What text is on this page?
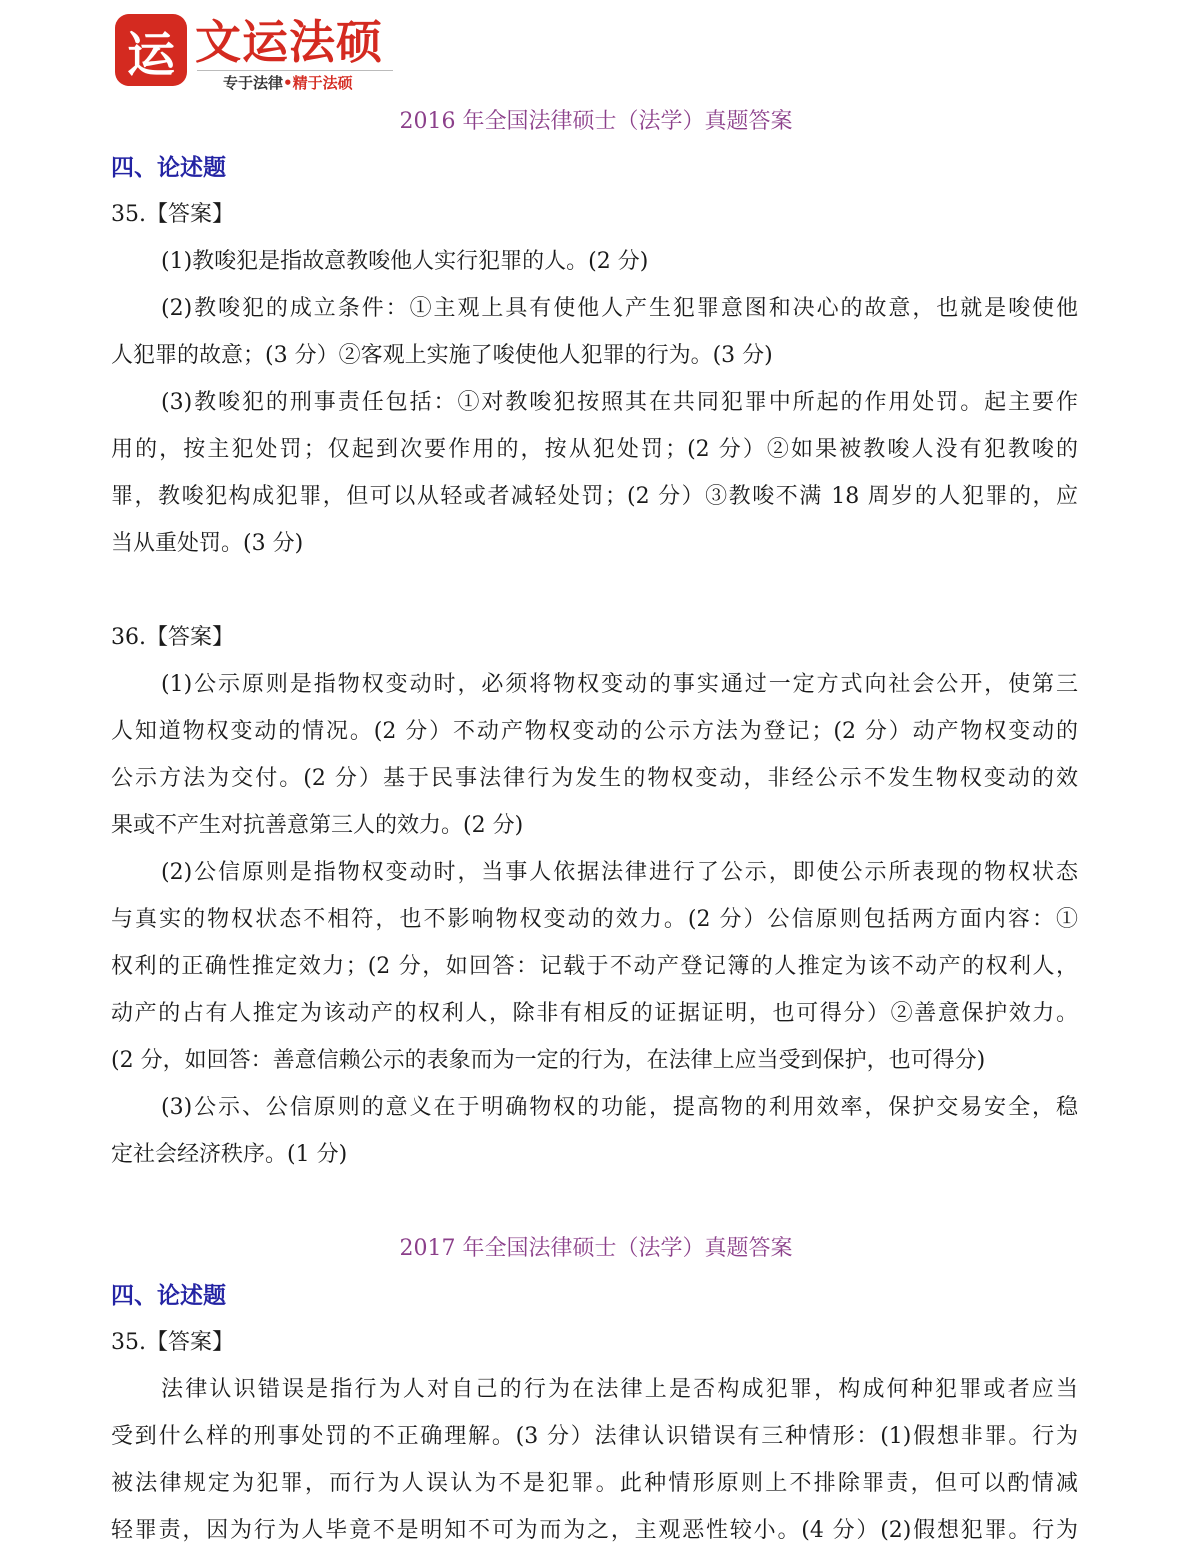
运 文运法硕
专于法律•精于法硕
2016 年全国法律硕士（法学）真题答案
四、论述题
35.【答案】
(1)教唆犯是指故意教唆他人实行犯罪的人。(2 分)
(2)教唆犯的成立条件：①主观上具有使他人产生犯罪意图和决心的故意，也就是唆使他
人犯罪的故意；(3 分）②客观上实施了唆使他人犯罪的行为。(3 分)
(3)教唆犯的刑事责任包括：①对教唆犯按照其在共同犯罪中所起的作用处罚。起主要作
用的，按主犯处罚；仅起到次要作用的，按从犯处罚；(2 分）②如果被教唆人没有犯教唆的
罪，教唆犯构成犯罪，但可以从轻或者减轻处罚；(2 分）③教唆不满 18 周岁的人犯罪的，应
当从重处罚。(3 分)
36.【答案】
(1)公示原则是指物权变动时，必须将物权变动的事实通过一定方式向社会公开，使第三
人知道物权变动的情况。(2 分）不动产物权变动的公示方法为登记；(2 分）动产物权变动的
公示方法为交付。(2 分）基于民事法律行为发生的物权变动，非经公示不发生物权变动的效
果或不产生对抗善意第三人的效力。(2 分)
(2)公信原则是指物权变动时，当事人依据法律进行了公示，即使公示所表现的物权状态
与真实的物权状态不相符，也不影响物权变动的效力。(2 分）公信原则包括两方面内容：①
权利的正确性推定效力；(2 分，如回答：记载于不动产登记簿的人推定为该不动产的权利人，
动产的占有人推定为该动产的权利人，除非有相反的证据证明，也可得分）②善意保护效力。
(2 分，如回答：善意信赖公示的表象而为一定的行为，在法律上应当受到保护，也可得分)
(3)公示、公信原则的意义在于明确物权的功能，提高物的利用效率，保护交易安全，稳
定社会经济秩序。(1 分)
2017 年全国法律硕士（法学）真题答案
四、论述题
35.【答案】
法律认识错误是指行为人对自己的行为在法律上是否构成犯罪，构成何种犯罪或者应当
受到什么样的刑事处罚的不正确理解。(3 分）法律认识错误有三种情形：(1)假想非罪。行为
被法律规定为犯罪，而行为人误认为不是犯罪。此种情形原则上不排除罪责，但可以酌情减
轻罪责，因为行为人毕竟不是明知不可为而为之，主观恶性较小。(4 分）(2)假想犯罪。行为
